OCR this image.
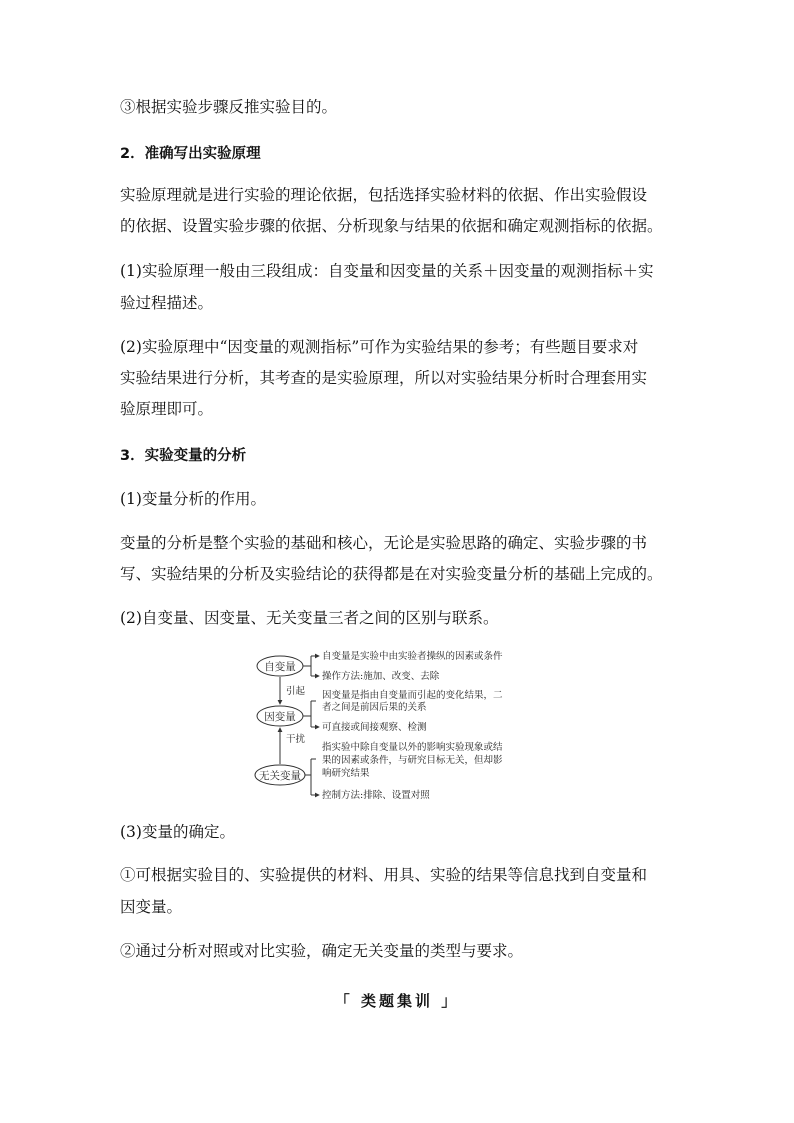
③根据实验步骤反推实验目的。
2．准确写出实验原理
实验原理就是进行实验的理论依据，包括选择实验材料的依据、作出实验假设
的依据、设置实验步骤的依据、分析现象与结果的依据和确定观测指标的依据。
(1)实验原理一般由三段组成：自变量和因变量的关系＋因变量的观测指标＋实
验过程描述。
(2)实验原理中“因变量的观测指标”可作为实验结果的参考；有些题目要求对
实验结果进行分析，其考查的是实验原理，所以对实验结果分析时合理套用实
验原理即可。
3．实验变量的分析
(1)变量分析的作用。
变量的分析是整个实验的基础和核心，无论是实验思路的确定、实验步骤的书
写、实验结果的分析及实验结论的获得都是在对实验变量分析的基础上完成的。
(2)自变量、因变量、无关变量三者之间的区别与联系。
自变量
因变量
无关变量
引起
干扰
自变量是实验中由实验者操纵的因素或条件
操作方法:施加、改变、去除
因变量是指由自变量而引起的变化结果，二
者之间是前因后果的关系
可直接或间接观察、检测
指实验中除自变量以外的影响实验现象或结
果的因素或条件，与研究目标无关，但却影
响研究结果
控制方法:排除、设置对照
(3)变量的确定。
①可根据实验目的、实验提供的材料、用具、实验的结果等信息找到自变量和
因变量。
②通过分析对照或对比实验，确定无关变量的类型与要求。
「 类题集训 」
